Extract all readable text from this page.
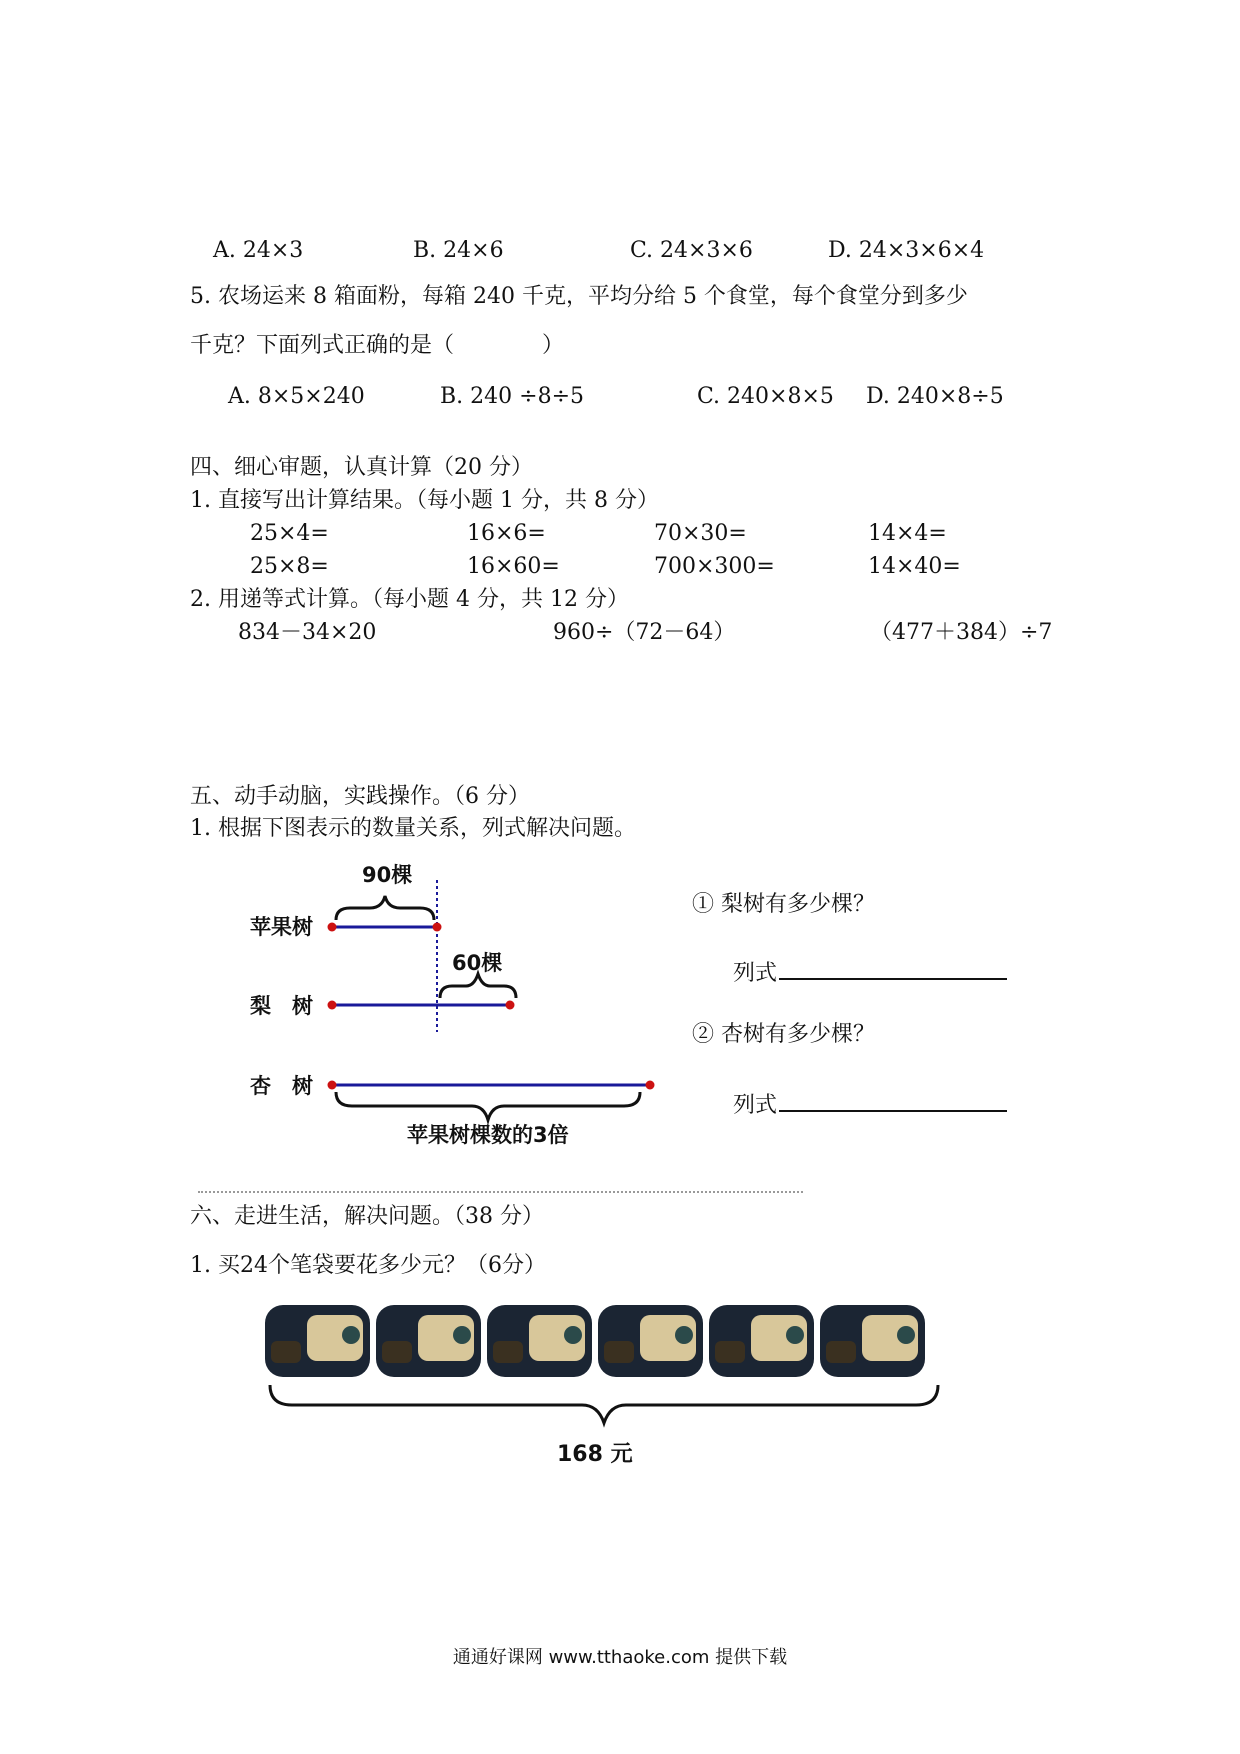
A. 24×3	B. 24×6	C. 24×3×6	D. 24×3×6×4
5. 农场运来 8 箱面粉，每箱 240 千克，平均分给 5 个食堂，每个食堂分到多少
千克？下面列式正确的是（　　　　）
A. 8×5×240	B. 240 ÷8÷5	C. 240×8×5 D. 240×8÷5
四、细心审题，认真计算（20 分）
1. 直接写出计算结果。（每小题 1 分，共 8 分）
25×4=	16×6=	70×30=	14×4=
25×8=	16×60=	700×300=	14×40=
2. 用递等式计算。（每小题 4 分，共 12 分）
834－34×20	960÷（72－64）	（477＋384）÷7
五、动手动脑，实践操作。（6 分）
1. 根据下图表示的数量关系，列式解决问题。
90棵
60棵
苹果树
梨　树
杏　树
苹果树棵数的3倍
① 梨树有多少棵？
列式
② 杏树有多少棵？
列式
六、走进生活，解决问题。（38 分）
1. 买24个笔袋要花多少元？（6分）
168 元
通通好课网 www.tthaoke.com 提供下载
